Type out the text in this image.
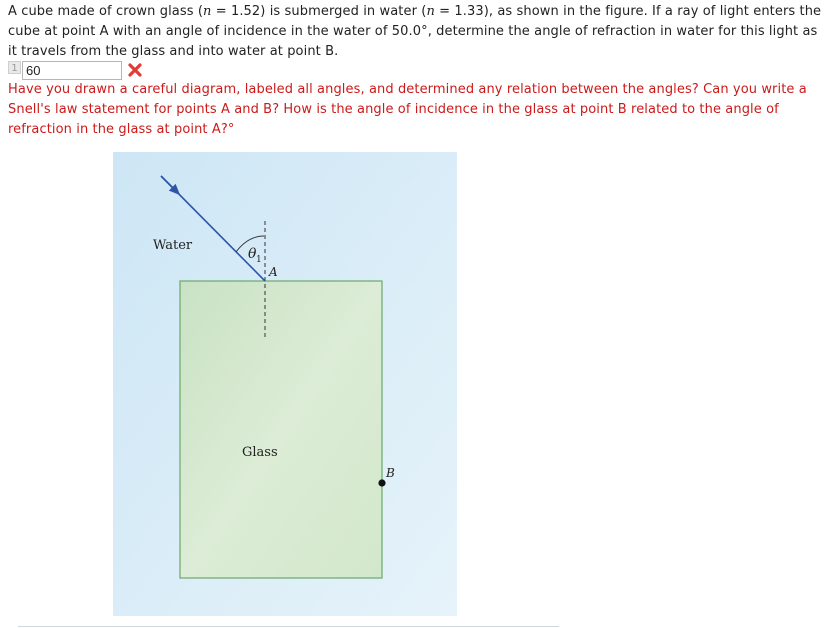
A cube made of crown glass (n = 1.52) is submerged in water (n = 1.33), as shown in the figure. If a ray of light enters the cube at point A with an angle of incidence in the water of 50.0°, determine the angle of refraction in water for this light as it travels from the glass and into water at point B.
1
60
Have you drawn a careful diagram, labeled all angles, and determined any relation between the angles? Can you write a Snell's law statement for points A and B? How is the angle of incidence in the glass at point B related to the angle of refraction in the glass at point A?°
θ 1
A
Water
Glass
B
